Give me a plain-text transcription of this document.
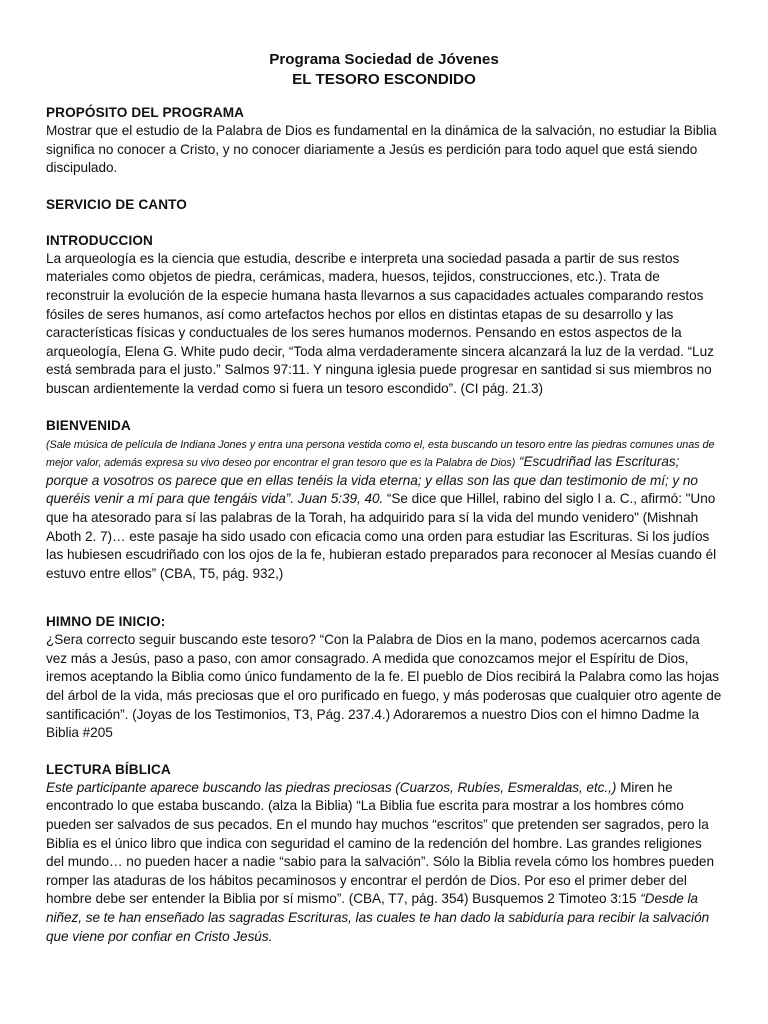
Programa Sociedad de Jóvenes
EL TESORO ESCONDIDO
PROPÓSITO DEL PROGRAMA

Mostrar que el estudio de la Palabra de Dios es fundamental en la dinámica de la salvación, no estudiar la Biblia significa no conocer a Cristo, y no conocer diariamente a Jesús es perdición para todo aquel que está siendo discipulado.

SERVICIO DE CANTO
INTRODUCCION

La arqueología es la ciencia que estudia, describe e interpreta una sociedad pasada a partir de sus restos materiales como objetos de piedra, cerámicas, madera, huesos, tejidos, construcciones, etc.). Trata de reconstruir la evolución de la especie humana hasta llevarnos a sus capacidades actuales comparando restos fósiles de seres humanos, así como artefactos hechos por ellos en distintas etapas de su desarrollo y las características físicas y conductuales de los seres humanos modernos. Pensando en estos aspectos de la arqueología, Elena G. White pudo decir, “Toda alma verdaderamente sincera alcanzará la luz de la verdad. “Luz está sembrada para el justo.” Salmos 97:11. Y ninguna iglesia puede progresar en santidad si sus miembros no buscan ardientemente la verdad como si fuera un tesoro escondido”. (CI pág. 21.3)

BIENVENIDA

(Sale música de película de Indiana Jones y entra una persona vestida como el, esta buscando un tesoro entre las piedras comunes unas de mejor valor, además expresa su vivo deseo por encontrar el gran tesoro que es la Palabra de Dios) “Escudriñad las Escrituras; porque a vosotros os parece que en ellas tenéis la vida eterna; y ellas son las que dan testimonio de mí; y no queréis venir a mí para que tengáis vida”. Juan 5:39, 40. “Se dice que Hillel, rabino del siglo I a. C., afirmó: "Uno que ha atesorado para sí las palabras de la Torah, ha adquirido para sí la vida del mundo venidero" (Mishnah Aboth 2. 7)… este pasaje ha sido usado con eficacia como una orden para estudiar las Escrituras. Si los judíos las hubiesen escudriñado con los ojos de la fe, hubieran estado preparados para reconocer al Mesías cuando él estuvo entre ellos” (CBA, T5, pág. 932,)

HIMNO DE INICIO:

¿Sera correcto seguir buscando este tesoro? “Con la Palabra de Dios en la mano, podemos acercarnos cada vez más a Jesús, paso a paso, con amor consagrado. A medida que conozcamos mejor el Espíritu de Dios, iremos aceptando la Biblia como único fundamento de la fe. El pueblo de Dios recibirá la Palabra como las hojas del árbol de la vida, más preciosas que el oro purificado en fuego, y más poderosas que cualquier otro agente de santificación”. (Joyas de los Testimonios, T3, Pág. 237.4.) Adoraremos a nuestro Dios con el himno Dadme la Biblia #205

LECTURA BÍBLICA

Este participante aparece buscando las piedras preciosas (Cuarzos, Rubíes, Esmeraldas, etc.,) Miren he encontrado lo que estaba buscando. (alza la Biblia) “La Biblia fue escrita para mostrar a los hombres cómo pueden ser salvados de sus pecados. En el mundo hay muchos “escritos” que pretenden ser sagrados, pero la Biblia es el único libro que indica con seguridad el camino de la redención del hombre. Las grandes religiones del mundo… no pueden hacer a nadie “sabio para la salvación”. Sólo la Biblia revela cómo los hombres pueden romper las ataduras de los hábitos pecaminosos y encontrar el perdón de Dios. Por eso el primer deber del hombre debe ser entender la Biblia por sí mismo”. (CBA, T7, pág. 354) Busquemos 2 Timoteo 3:15 “Desde la niñez, se te han enseñado las sagradas Escrituras, las cuales te han dado la sabiduría para recibir la salvación que viene por confiar en Cristo Jesús.
